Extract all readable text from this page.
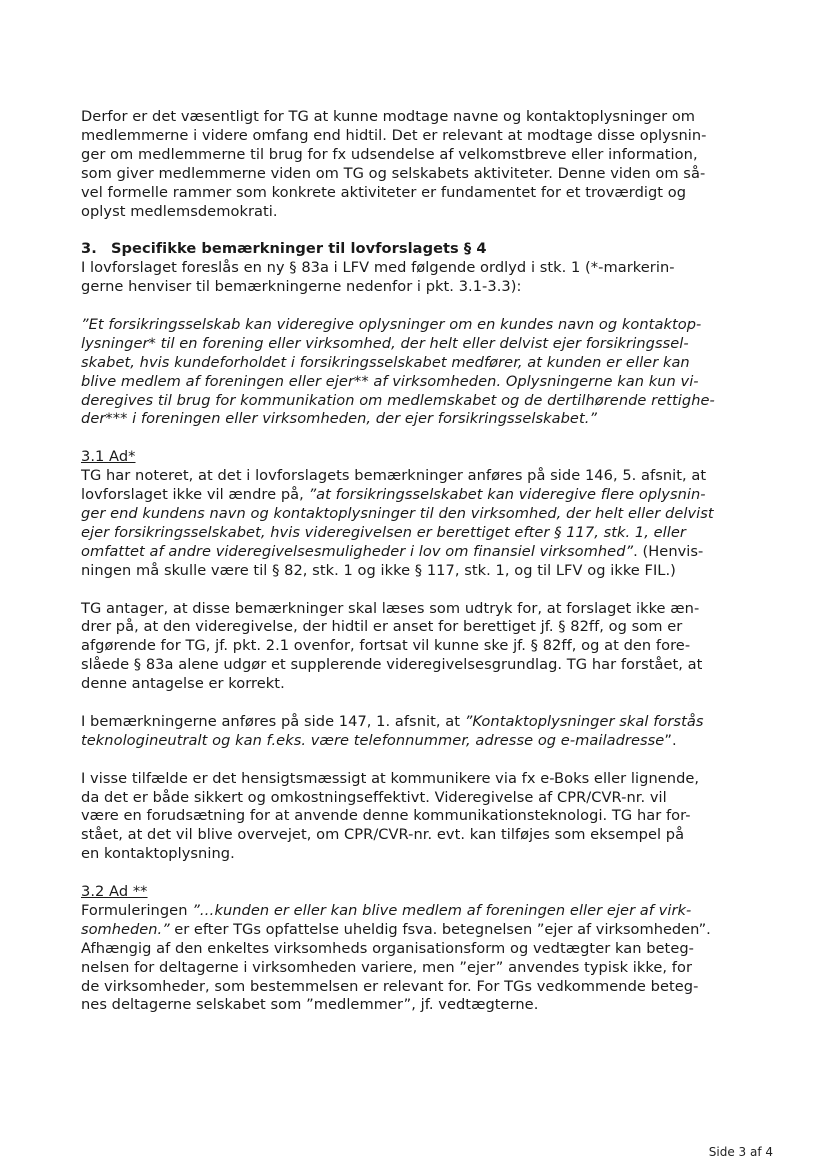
Derfor er det væsentligt for TG at kunne modtage navne og kontaktoplysninger om
medlemmerne i videre omfang end hidtil. Det er relevant at modtage disse oplysnin-
ger om medlemmerne til brug for fx udsendelse af velkomstbreve eller information,
som giver medlemmerne viden om TG og selskabets aktiviteter. Denne viden om så-
vel formelle rammer som konkrete aktiviteter er fundamentet for et troværdigt og
oplyst medlemsdemokrati.
3. Specifikke bemærkninger til lovforslagets § 4
I lovforslaget foreslås en ny § 83a i LFV med følgende ordlyd i stk. 1 (*-markerin-
gerne henviser til bemærkningerne nedenfor i pkt. 3.1-3.3):
”Et forsikringsselskab kan videregive oplysninger om en kundes navn og kontaktop-
lysninger* til en forening eller virksomhed, der helt eller delvist ejer forsikringssel-
skabet, hvis kundeforholdet i forsikringsselskabet medfører, at kunden er eller kan
blive medlem af foreningen eller ejer** af virksomheden. Oplysningerne kan kun vi-
deregives til brug for kommunikation om medlemskabet og de dertilhørende rettighe-
der*** i foreningen eller virksomheden, der ejer forsikringsselskabet.”
3.1 Ad*
TG har noteret, at det i lovforslagets bemærkninger anføres på side 146, 5. afsnit, at
lovforslaget ikke vil ændre på, ”at forsikringsselskabet kan videregive flere oplysnin-
ger end kundens navn og kontaktoplysninger til den virksomhed, der helt eller delvist
ejer forsikringsselskabet, hvis videregivelsen er berettiget efter § 117, stk. 1, eller
omfattet af andre videregivelsesmuligheder i lov om finansiel virksomhed”. (Henvis-
ningen må skulle være til § 82, stk. 1 og ikke § 117, stk. 1, og til LFV og ikke FIL.)
TG antager, at disse bemærkninger skal læses som udtryk for, at forslaget ikke æn-
drer på, at den videregivelse, der hidtil er anset for berettiget jf. § 82ff, og som er
afgørende for TG, jf. pkt. 2.1 ovenfor, fortsat vil kunne ske jf. § 82ff, og at den fore-
slåede § 83a alene udgør et supplerende videregivelsesgrundlag. TG har forstået, at
denne antagelse er korrekt.
I bemærkningerne anføres på side 147, 1. afsnit, at ”Kontaktoplysninger skal forstås
teknologineutralt og kan f.eks. være telefonnummer, adresse og e-mailadresse”.
I visse tilfælde er det hensigtsmæssigt at kommunikere via fx e-Boks eller lignende,
da det er både sikkert og omkostningseffektivt. Videregivelse af CPR/CVR-nr. vil
være en forudsætning for at anvende denne kommunikationsteknologi. TG har for-
stået, at det vil blive overvejet, om CPR/CVR-nr. evt. kan tilføjes som eksempel på
en kontaktoplysning.
3.2 Ad **
Formuleringen ”…kunden er eller kan blive medlem af foreningen eller ejer af virk-
somheden.” er efter TGs opfattelse uheldig fsva. betegnelsen ”ejer af virksomheden”.
Afhængig af den enkeltes virksomheds organisationsform og vedtægter kan beteg-
nelsen for deltagerne i virksomheden variere, men ”ejer” anvendes typisk ikke, for
de virksomheder, som bestemmelsen er relevant for. For TGs vedkommende beteg-
nes deltagerne selskabet som ”medlemmer”, jf. vedtægterne.
Side 3 af 4
